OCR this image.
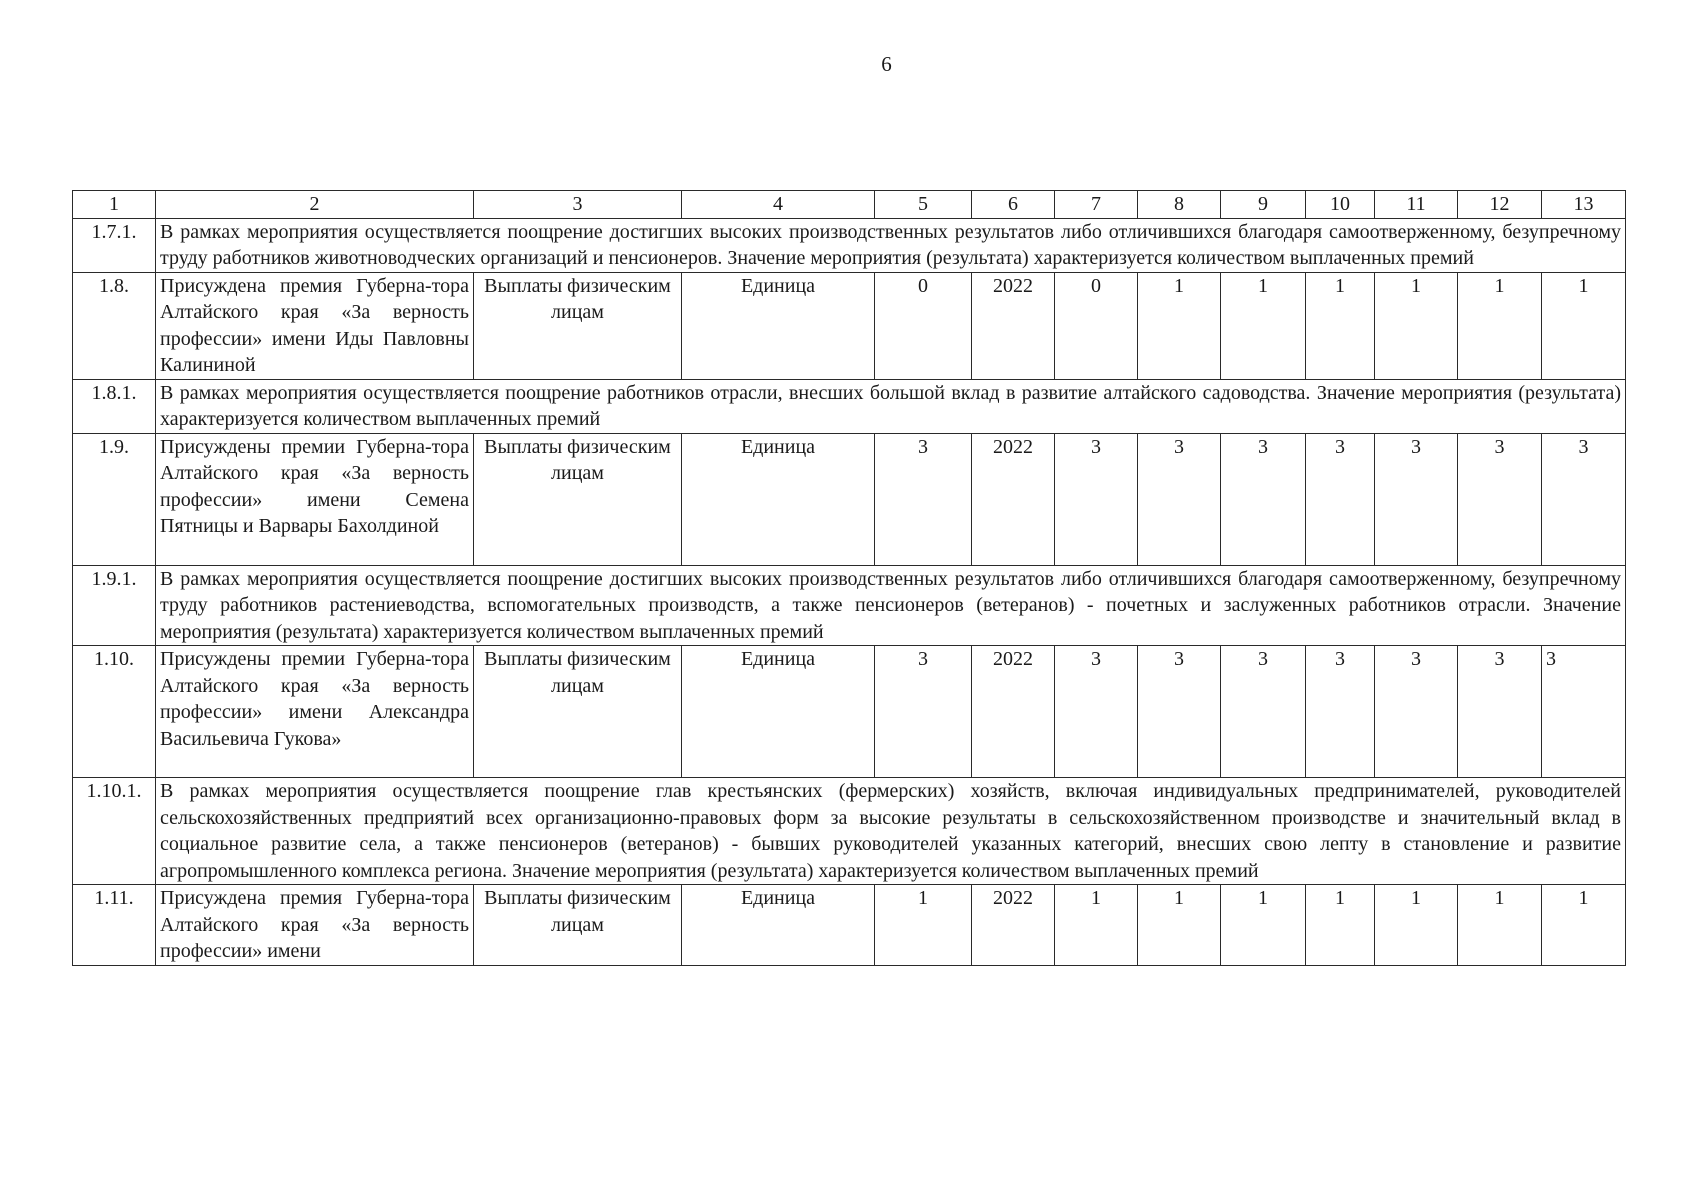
6
1	2	3	4	5	6	7	8	9	10	11	12	13
1.7.1.	В рамках мероприятия осуществляется поощрение достигших высоких производственных результатов либо отличившихся благодаря самоотверженному, безупречному труду работников животноводческих организаций и пенсионеров. Значение мероприятия (результата) характеризуется количеством выплаченных премий											
1.8.	Присуждена премия Губерна-тора Алтайского края «За верность профессии» имени Иды Павловны Калининой	Выплаты физическим лицам	Единица	0	2022	0	1	1	1	1	1	1
1.8.1.	В рамках мероприятия осуществляется поощрение работников отрасли, внесших большой вклад в развитие алтайского садоводства. Значение мероприятия (результата) характеризуется количеством выплаченных премий											
1.9.	Присуждены премии Губерна-тора Алтайского края «За верность профессии» имени Семена Пятницы и Варвары Бахолдиной	Выплаты физическим лицам	Единица	3	2022	3	3	3	3	3	3	3
1.9.1.	В рамках мероприятия осуществляется поощрение достигших высоких производственных результатов либо отличившихся благодаря самоотверженному, безупречному труду работников растениеводства, вспомогательных производств, а также пенсионеров (ветеранов) - почетных и заслуженных работников отрасли. Значение мероприятия (результата) характеризуется количеством выплаченных премий											
1.10.	Присуждены премии Губерна-тора Алтайского края «За верность профессии» имени Александра Васильевича Гукова»	Выплаты физическим лицам	Единица	3	2022	3	3	3	3	3	3	3
1.10.1.	В рамках мероприятия осуществляется поощрение глав крестьянских (фермерских) хозяйств, включая индивидуальных предпринимателей, руководителей сельскохозяйственных предприятий всех организационно-правовых форм за высокие результаты в сельскохозяйственном производстве и значительный вклад в социальное развитие села, а также пенсионеров (ветеранов) - бывших руководителей указанных категорий, внесших свою лепту в становление и развитие агропромышленного комплекса региона. Значение мероприятия (результата) характеризуется количеством выплаченных премий											
1.11.	Присуждена премия Губерна-тора Алтайского края «За верность профессии» имени	Выплаты физическим лицам	Единица	1	2022	1	1	1	1	1	1	1
